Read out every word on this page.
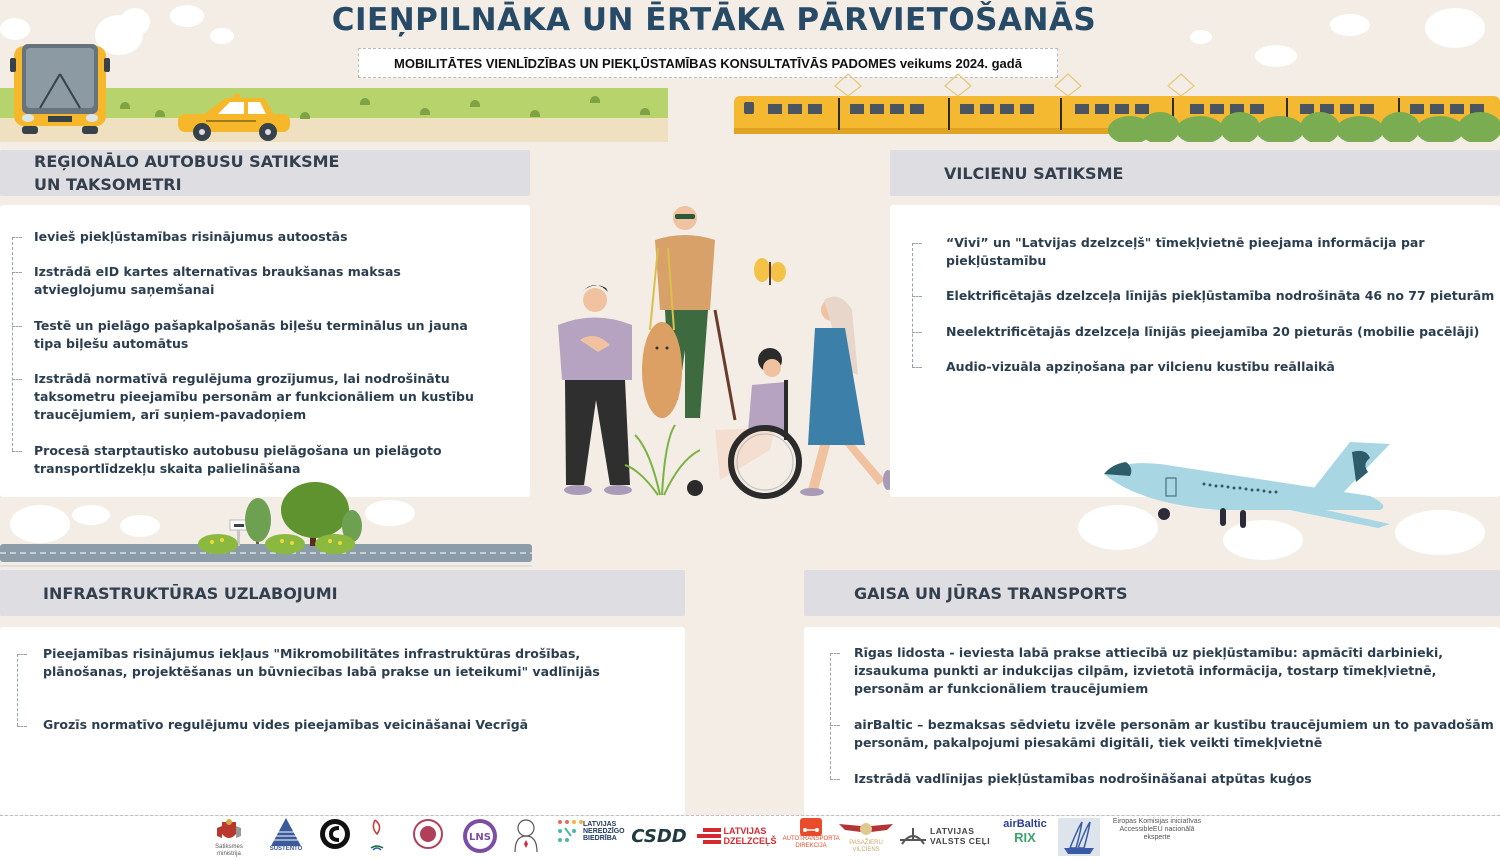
CIEŅPILNĀKA UN ĒRTĀKA PĀRVIETOŠANĀS
MOBILITĀTES VIENLĪDZĪBAS UN PIEKĻŪSTAMĪBAS KONSULTATĪVĀS PADOMES veikums 2024. gadā
REĢIONĀLO AUTOBUSU SATIKSME
UN TAKSOMETRI
Ievieš piekļūstamības risinājumus autoostās
Izstrādā eID kartes alternatīvas braukšanas maksas atvieglojumu saņemšanai
Testē un pielāgo pašapkalpošanās biļešu terminālus un jauna tipa biļešu automātus
Izstrādā normatīvā regulējuma grozījumus, lai nodrošinātu taksometru pieejamību personām ar funkcionāliem un kustību traucējumiem, arī suņiem-pavadoņiem
Procesā starptautisko autobusu pielāgošana un pielāgoto transportlīdzekļu skaita palielināšana
VILCIENU SATIKSME
“Vivi” un "Latvijas dzelzceļš" tīmekļvietnē pieejama informācija par piekļūstamību
Elektrificētajās dzelzceļa līnijās piekļūstamība nodrošināta 46 no 77 pieturām
Neelektrificētajās dzelzceļa līnijās pieejamība 20 pieturās (mobilie pacēlāji)
Audio-vizuāla apziņošana par vilcienu kustību reāllaikā
INFRASTRUKTŪRAS UZLABOJUMI
Pieejamības risinājumus iekļaus "Mikromobilitātes infrastruktūras drošības, plānošanas, projektēšanas un būvniecības labā prakse un ieteikumi" vadlīnijās
Grozīs normatīvo regulējumu vides pieejamības veicināšanai Vecrīgā
GAISA UN JŪRAS TRANSPORTS
Rīgas lidosta - ieviesta labā prakse attiecībā uz piekļūstamību: apmācīti darbinieki, izsaukuma punkti ar indukcijas cilpām, izvietotā informācija, tostarp tīmekļvietnē, personām ar funkcionāliem traucējumiem
airBaltic – bezmaksas sēdvietu izvēle personām ar kustību traucējumiem un to pavadošām personām, pakalpojumi piesakāmi digitāli, tiek veikti tīmekļvietnē
Izstrādā vadlīnijas piekļūstamības nodrošināšanai atpūtas kuģos
Satiksmes ministrija
SUSTENTO
LNS
LATVIJAS NEREDZĪGO BIEDRĪBA CSDD	LATVIJAS DZELZCEĻŠ AUTOTRANSPORTA DIREKCIJA	PASAŽIERU VILCIENS
LATVIJAS VALSTS CEĻI
airBaltic
RIX
Eiropas Komisijas iniciatīvas AccessibleEU nacionālā eksperte
